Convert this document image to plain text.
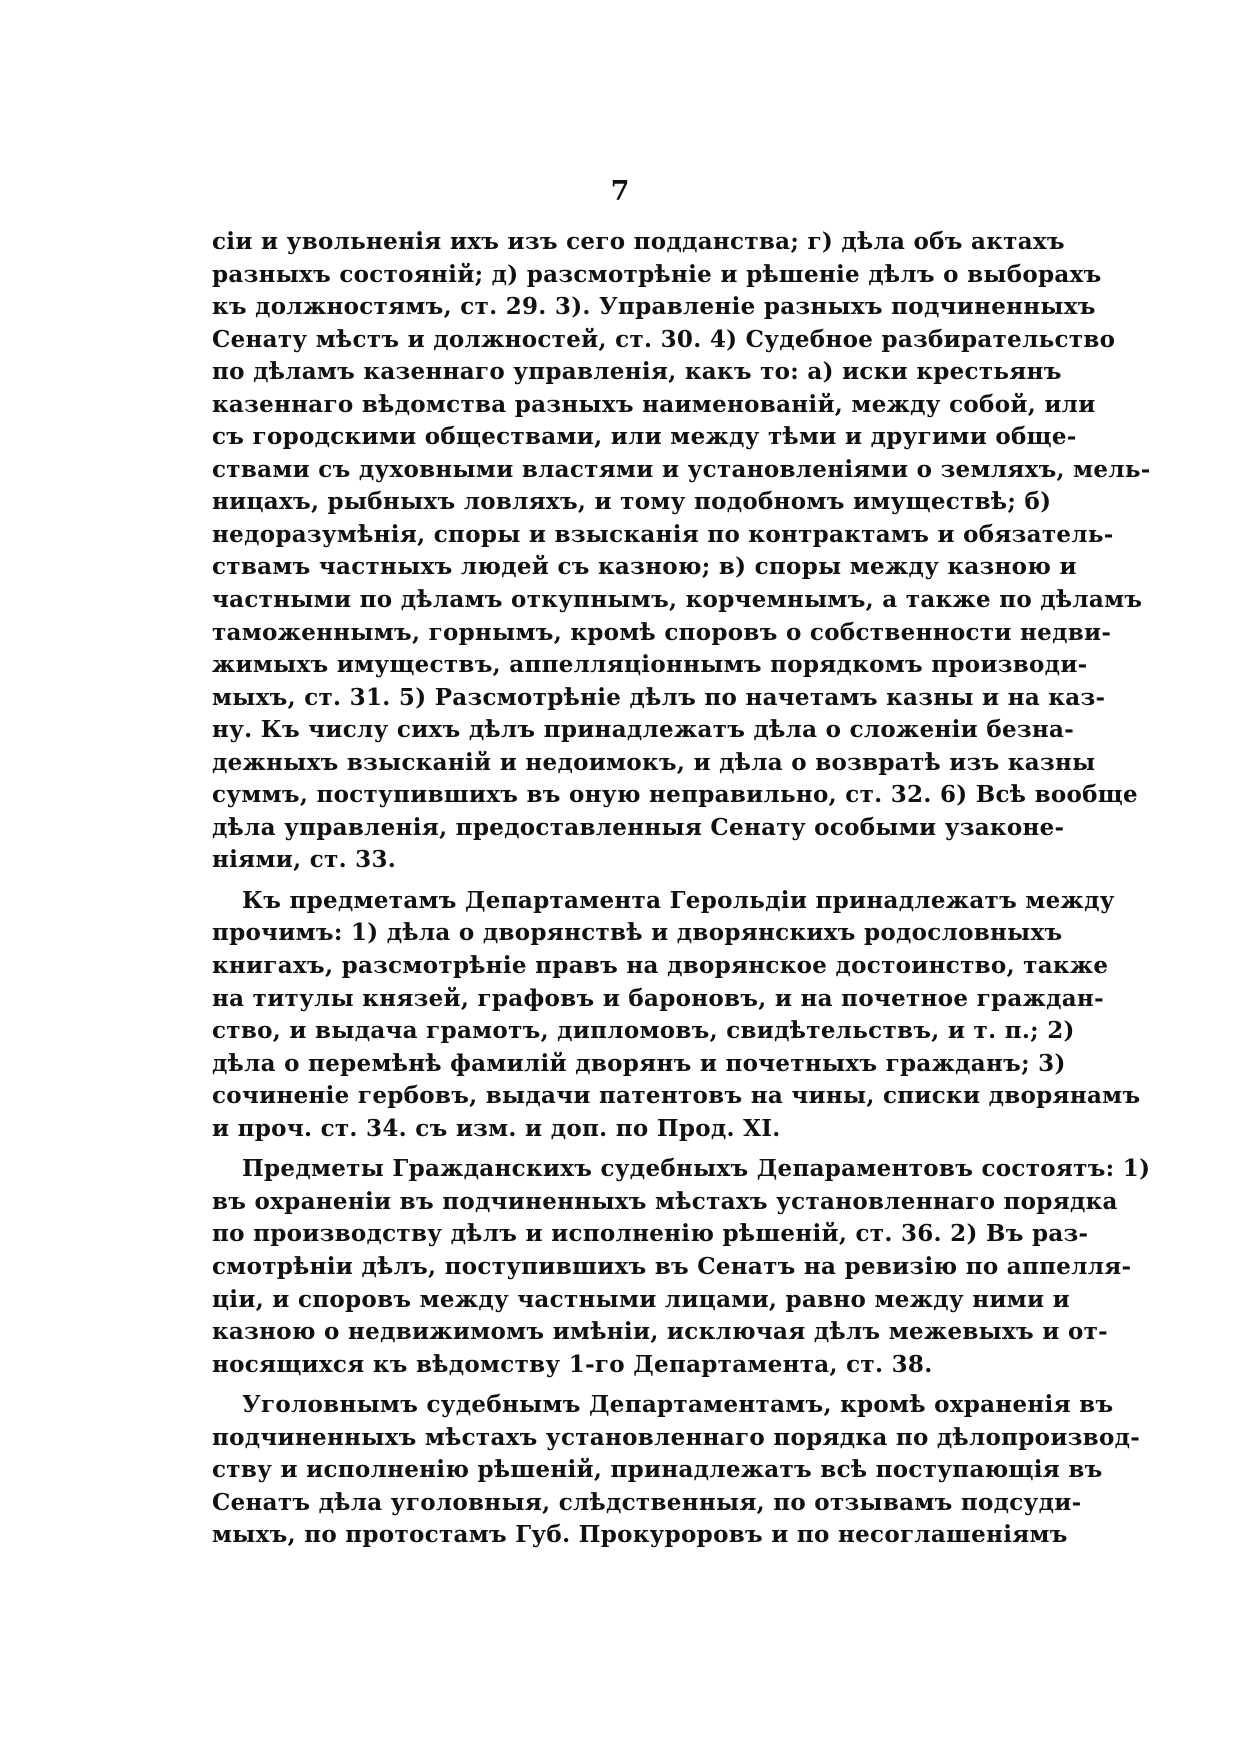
7
сіи и увольненія ихъ изъ сего подданства; г) дѣла объ актахъ
разныхъ состояній; д) разсмотрѣніе и рѣшеніе дѣлъ о выборахъ
къ должностямъ, ст. 29. 3). Управленіе разныхъ подчиненныхъ
Сенату мѣстъ и должностей, ст. 30. 4) Судебное разбирательство
по дѣламъ казеннаго управленія, какъ то: а) иски крестьянъ
казеннаго вѣдомства разныхъ наименованій, между собой, или
съ городскими обществами, или между тѣми и другими обще-
ствами съ духовными властями и установленіями о земляхъ, мель-
ницахъ, рыбныхъ ловляхъ, и тому подобномъ имуществѣ; б)
недоразумѣнія, споры и взысканія по контрактамъ и обязатель-
ствамъ частныхъ людей съ казною; в) споры между казною и
частными по дѣламъ откупнымъ, корчемнымъ, а также по дѣламъ
таможеннымъ, горнымъ, кромѣ споровъ о собственности недви-
жимыхъ имуществъ, аппелляціоннымъ порядкомъ производи-
мыхъ, ст. 31. 5) Разсмотрѣніе дѣлъ по начетамъ казны и на каз-
ну. Къ числу сихъ дѣлъ принадлежатъ дѣла о сложеніи безна-
дежныхъ взысканій и недоимокъ, и дѣла о возвратѣ изъ казны
суммъ, поступившихъ въ оную неправильно, ст. 32. 6) Всѣ вообще
дѣла управленія, предоставленныя Сенату особыми узаконе-
ніями, ст. 33.
Къ предметамъ Департамента Герольдіи принадлежатъ между
прочимъ: 1) дѣла о дворянствѣ и дворянскихъ родословныхъ
книгахъ, разсмотрѣніе правъ на дворянское достоинство, также
на титулы князей, графовъ и бароновъ, и на почетное граждан-
ство, и выдача грамотъ, дипломовъ, свидѣтельствъ, и т. п.; 2)
дѣла о перемѣнѣ фамилій дворянъ и почетныхъ гражданъ; 3)
сочиненіе гербовъ, выдачи патентовъ на чины, списки дворянамъ
и проч. ст. 34. съ изм. и доп. по Прод. XI.
Предметы Гражданскихъ судебныхъ Депараментовъ состоятъ: 1)
въ охраненіи въ подчиненныхъ мѣстахъ установленнаго порядка
по производству дѣлъ и исполненію рѣшеній, ст. 36. 2) Въ раз-
смотрѣніи дѣлъ, поступившихъ въ Сенатъ на ревизію по аппелля-
ціи, и споровъ между частными лицами, равно между ними и
казною о недвижимомъ имѣніи, исключая дѣлъ межевыхъ и от-
носящихся къ вѣдомству 1-го Департамента, ст. 38.
Уголовнымъ судебнымъ Департаментамъ, кромѣ охраненія въ
подчиненныхъ мѣстахъ установленнаго порядка по дѣлопроизвод-
ству и исполненію рѣшеній, принадлежатъ всѣ поступающія въ
Сенатъ дѣла уголовныя, слѣдственныя, по отзывамъ подсуди-
мыхъ, по протостамъ Губ. Прокуроровъ и по несоглашеніямъ
